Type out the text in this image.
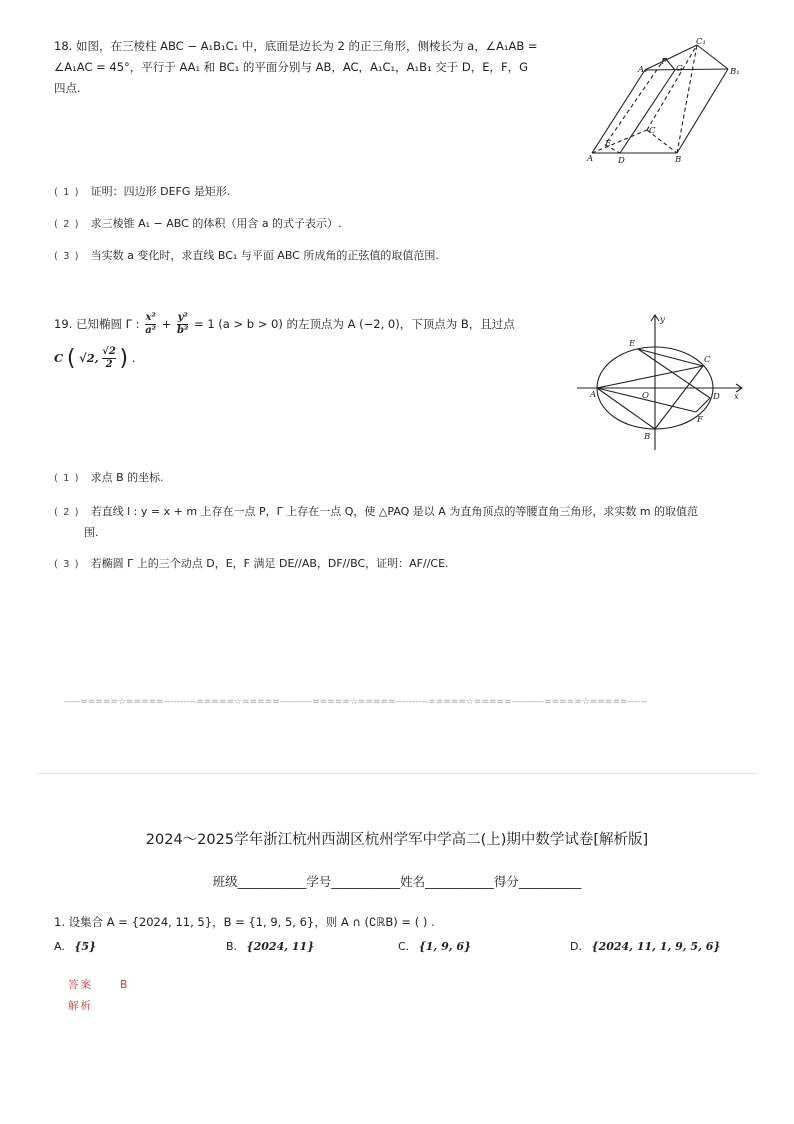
18. 如图，在三棱柱 ABC − A₁B₁C₁ 中，底面是边长为 2 的正三角形，侧棱长为 a，∠A₁AB =
∠A₁AC = 45°，平行于 AA₁ 和 BC₁ 的平面分别与 AB，AC，A₁C₁，A₁B₁ 交于 D，E，F，G
四点.
C₁
A₁	B₁
F
G
C
E
A	D	B
( 1 ) 证明：四边形 DEFG 是矩形.
( 2 ) 求三棱锥 A₁ − ABC 的体积（用含 a 的式子表示）.
( 3 ) 当实数 a 变化时，求直线 BC₁ 与平面 ABC 所成角的正弦值的取值范围.
19. 已知椭圆 Γ : $\frac{\text{x²}}{\text{a²}} + \frac{\text{y²}}{\text{b²}} = 1$ (a > b > 0) 的左顶点为 A (−2, 0)，下顶点为 B，且过点
C ( √2, $\frac{√2}{2}$ ) .
y
x
O
A
B
C
D
E
F
( 1 ) 求点 B 的坐标.
( 2 ) 若直线 l : y = x + m 上存在一点 P，Γ 上存在一点 Q，使 △PAQ 是以 A 为直角顶点的等腰直角三角形，求实数 m 的取值范
围.
( 3 ) 若椭圆 Γ 上的三个动点 D，E，F 满足 DE//AB，DF//BC，证明：AF//CE.
-----=====☆=====----------=====☆=====----------=====☆=====----------=====☆=====----------=====☆=====------
2024～2025学年浙江杭州西湖区杭州学军中学高二(上)期中数学试卷[解析版]
班级___________学号___________姓名___________得分__________
1. 设集合 A = {2024, 11, 5}，B = {1, 9, 5, 6}，则 A ∩ (∁ℝB) = ( ) .
A. {5}	B. {2024, 11}	C. {1, 9, 6}	D. {2024, 11, 1, 9, 5, 6}
答案	B
解析
